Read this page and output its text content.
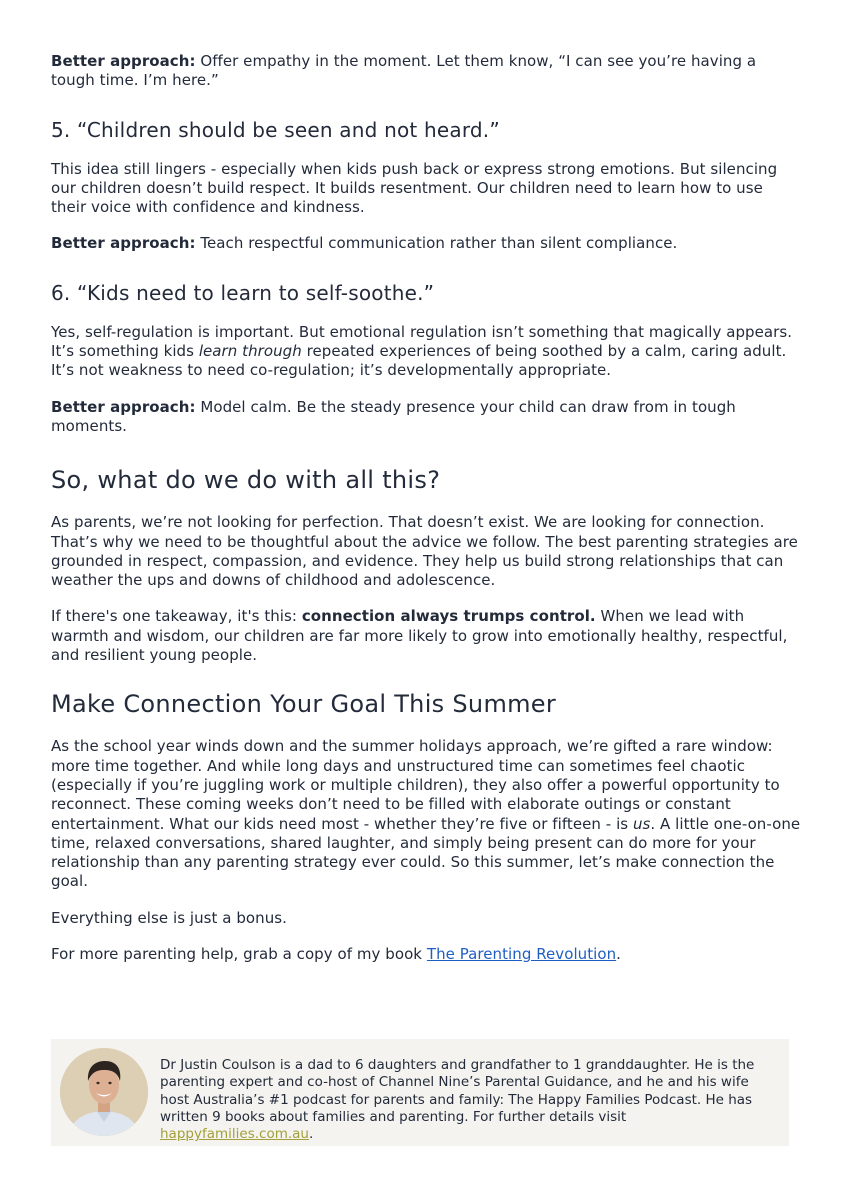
Better approach: Offer empathy in the moment. Let them know, “I can see you’re having a tough time. I’m here.”

5. “Children should be seen and not heard.”

This idea still lingers - especially when kids push back or express strong emotions. But silencing our children doesn’t build respect. It builds resentment. Our children need to learn how to use their voice with confidence and kindness.

Better approach: Teach respectful communication rather than silent compliance.

6. “Kids need to learn to self-soothe.”

Yes, self-regulation is important. But emotional regulation isn’t something that magically appears. It’s something kids learn through repeated experiences of being soothed by a calm, caring adult. It’s not weakness to need co-regulation; it’s developmentally appropriate.

Better approach: Model calm. Be the steady presence your child can draw from in tough moments.

So, what do we do with all this?

As parents, we’re not looking for perfection. That doesn’t exist. We are looking for connection. That’s why we need to be thoughtful about the advice we follow. The best parenting strategies are grounded in respect, compassion, and evidence. They help us build strong relationships that can weather the ups and downs of childhood and adolescence.

If there's one takeaway, it's this: connection always trumps control. When we lead with warmth and wisdom, our children are far more likely to grow into emotionally healthy, respectful, and resilient young people.

Make Connection Your Goal This Summer

As the school year winds down and the summer holidays approach, we’re gifted a rare window: more time together. And while long days and unstructured time can sometimes feel chaotic (especially if you’re juggling work or multiple children), they also offer a powerful opportunity to reconnect. These coming weeks don’t need to be filled with elaborate outings or constant entertainment. What our kids need most - whether they’re five or fifteen - is us. A little one-on-one time, relaxed conversations, shared laughter, and simply being present can do more for your relationship than any parenting strategy ever could. So this summer, let’s make connection the goal.

Everything else is just a bonus.

For more parenting help, grab a copy of my book The Parenting Revolution.

Dr Justin Coulson is a dad to 6 daughters and grandfather to 1 granddaughter. He is the parenting expert and co-host of Channel Nine’s Parental Guidance, and he and his wife host Australia’s #1 podcast for parents and family: The Happy Families Podcast. He has written 9 books about families and parenting. For further details visit happyfamilies.com.au.
